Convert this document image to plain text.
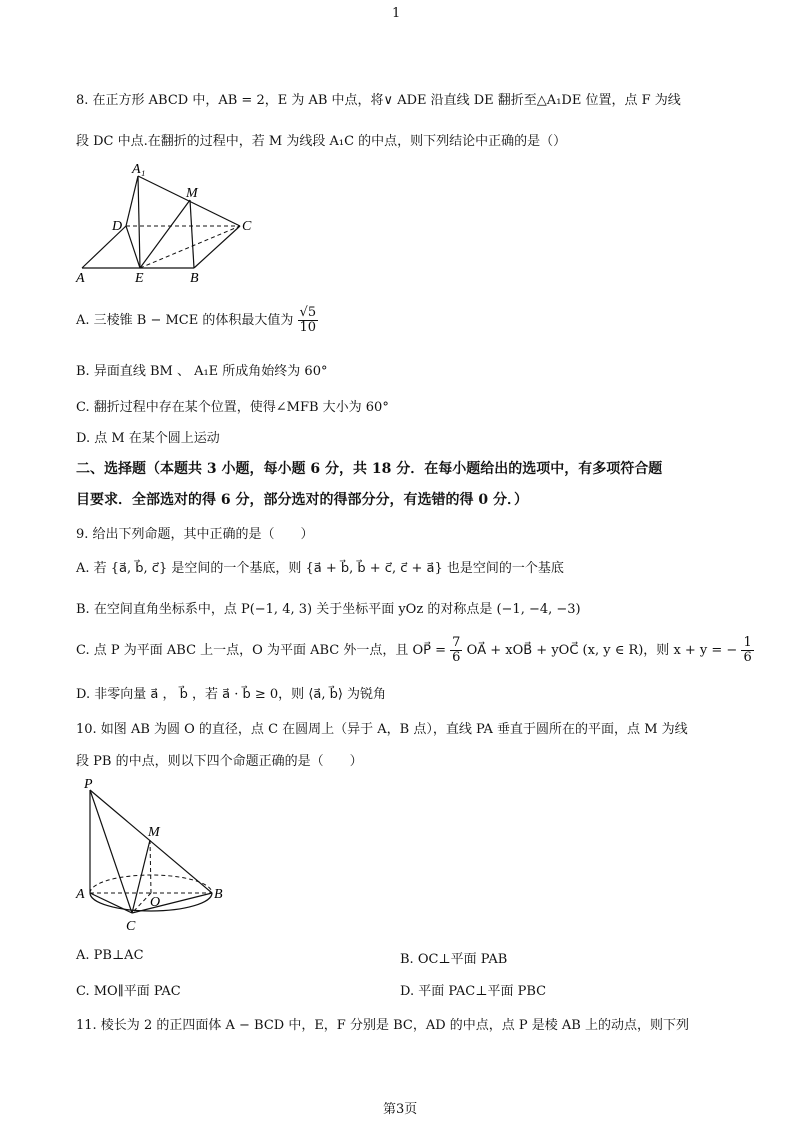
1
8. 在正方形 ABCD 中，AB = 2，E 为 AB 中点，将∨ ADE 沿直线 DE 翻折至△A₁DE 位置，点 F 为线
段 DC 中点.在翻折的过程中，若 M 为线段 A₁C 的中点，则下列结论中正确的是（）
A₁
M
D	C
A	E	B
A. 三棱锥 B − MCE 的体积最大值为 $\frac{√5}{10}$
B. 异面直线 BM 、 A₁E 所成角始终为 60°
C. 翻折过程中存在某个位置，使得∠MFB 大小为 60°
D. 点 M 在某个圆上运动
二、选择题（本题共 3 小题，每小题 6 分，共 18 分．在每小题给出的选项中，有多项符合题
目要求．全部选对的得 6 分，部分选对的得部分分，有选错的得 0 分．）
9. 给出下列命题，其中正确的是（　　）
A. 若 {a⃗, b⃗, c⃗} 是空间的一个基底，则 {a⃗ + b⃗, b⃗ + c⃗, c⃗ + a⃗} 也是空间的一个基底
B. 在空间直角坐标系中，点 P(−1, 4, 3) 关于坐标平面 yOz 的对称点是 (−1, −4, −3)
C. 点 P 为平面 ABC 上一点，O 为平面 ABC 外一点，且 OP⃗ = $\frac{7}{6}$ OA⃗ + xOB⃗ + yOC⃗ (x, y ∈ R)，则 x + y = − $\frac{1}{6}$
D. 非零向量 a⃗ ， b⃗ ，若 a⃗ · b⃗ ≥ 0，则 ⟨a⃗, b⃗⟩ 为锐角
10. 如图 AB 为圆 O 的直径，点 C 在圆周上（异于 A，B 点），直线 PA 垂直于圆所在的平面，点 M 为线
段 PB 的中点，则以下四个命题正确的是（　　）
P
M
A
O
B
C
A. PB⊥AC	B. OC⊥平面 PAB
C. MO∥平面 PAC	D. 平面 PAC⊥平面 PBC
11. 棱长为 2 的正四面体 A − BCD 中，E，F 分别是 BC，AD 的中点，点 P 是棱 AB 上的动点，则下列
第3页
